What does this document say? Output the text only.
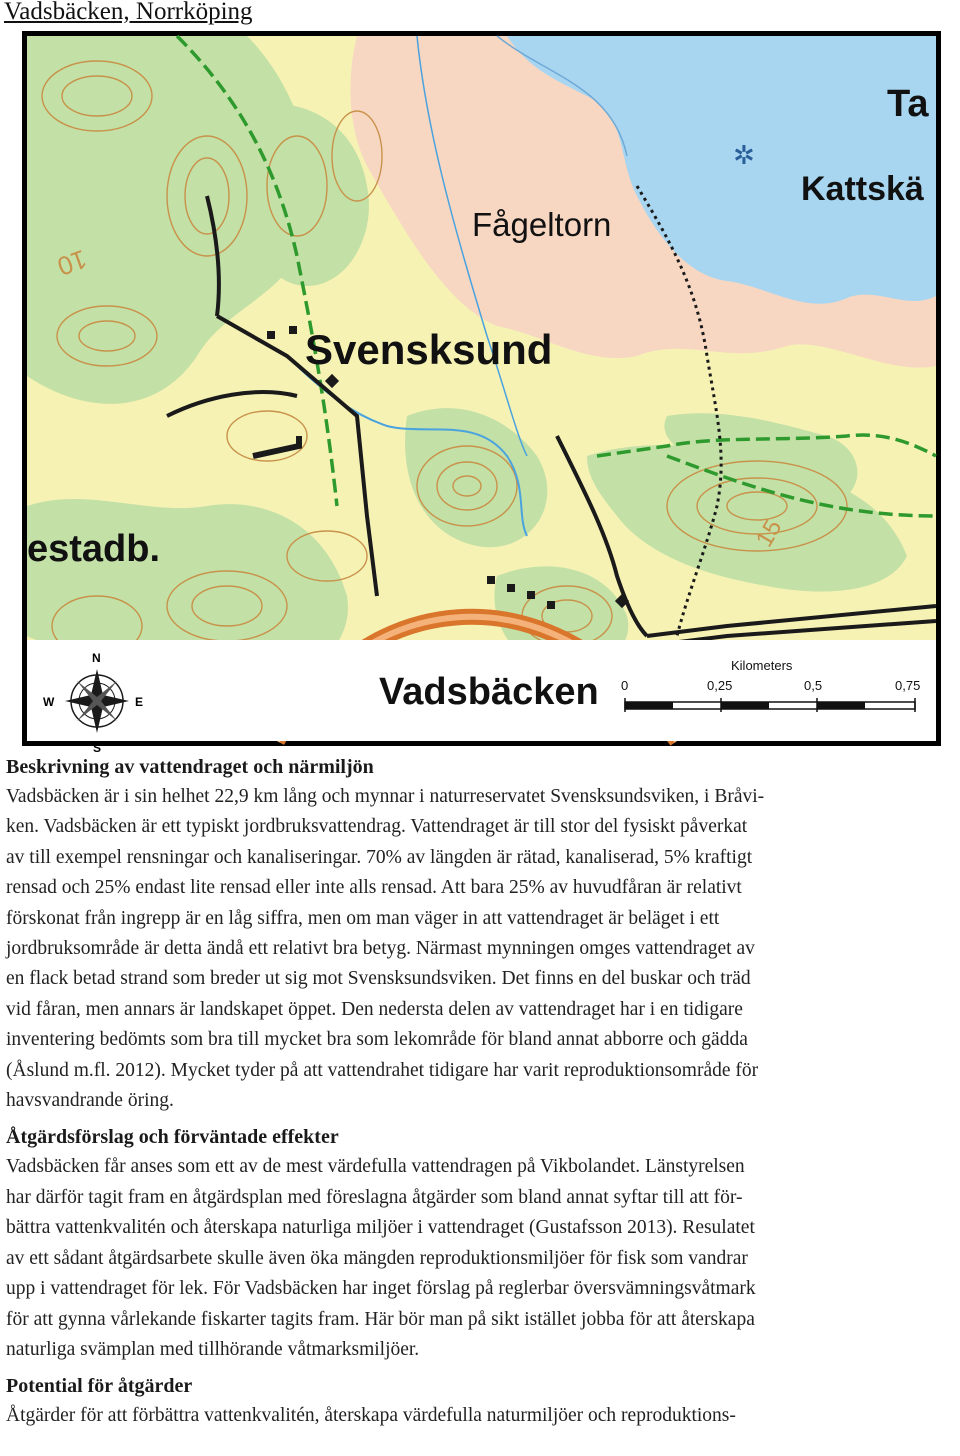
Vadsbäcken, Norrköping
Svensksund
Fågeltorn
Kattskä
Ta
estadb.
10
15
✲
N
S
E
W	Vadsbäcken
Kilometers
0	0,25	0,5	0,75
Beskrivning av vattendraget och närmiljön

Vadsbäcken är i sin helhet 22,9 km lång och mynnar i naturreservatet Svensksundsviken, i Bråvi-
ken. Vadsbäcken är ett typiskt jordbruksvattendrag. Vattendraget är till stor del fysiskt påverkat
av till exempel rensningar och kanaliseringar. 70% av längden är rätad, kanaliserad, 5% kraftigt
rensad och 25% endast lite rensad eller inte alls rensad. Att bara 25% av huvudfåran är relativt
förskonat från ingrepp är en låg siffra, men om man väger in att vattendraget är beläget i ett
jordbruksområde är detta ändå ett relativt bra betyg. Närmast mynningen omges vattendraget av
en flack betad strand som breder ut sig mot Svensksundsviken. Det finns en del buskar och träd
vid fåran, men annars är landskapet öppet. Den nedersta delen av vattendraget har i en tidigare
inventering bedömts som bra till mycket bra som lekområde för bland annat abborre och gädda
(Åslund m.fl. 2012). Mycket tyder på att vattendrahet tidigare har varit reproduktionsområde för
havsvandrande öring.

Åtgärdsförslag och förväntade effekter

Vadsbäcken får anses som ett av de mest värdefulla vattendragen på Vikbolandet. Länstyrelsen
har därför tagit fram en åtgärdsplan med föreslagna åtgärder som bland annat syftar till att för-
bättra vattenkvalitén och återskapa naturliga miljöer i vattendraget (Gustafsson 2013). Resulatet
av ett sådant åtgärdsarbete skulle även öka mängden reproduktionsmiljöer för fisk som vandrar
upp i vattendraget för lek. För Vadsbäcken har inget förslag på reglerbar översvämningsvåtmark
för att gynna vårlekande fiskarter tagits fram. Här bör man på sikt istället jobba för att återskapa
naturliga svämplan med tillhörande våtmarksmiljöer.

Potential för åtgärder

Åtgärder för att förbättra vattenkvalitén, återskapa värdefulla naturmiljöer och reproduktions-
